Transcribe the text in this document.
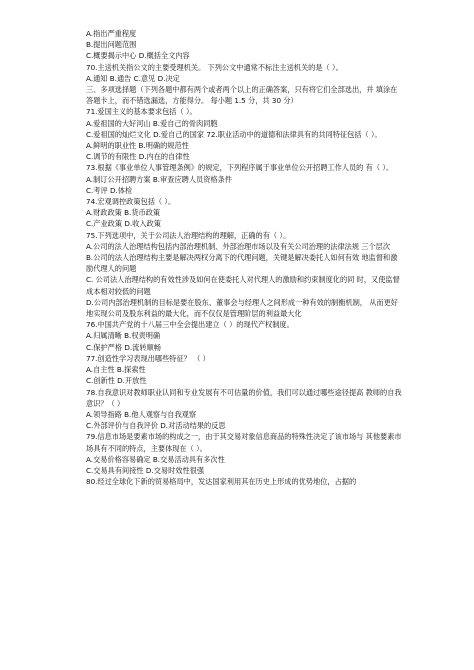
A.指出严重程度
B.提出问题范围
C.概要揭示中心 D.概括全文内容
70.主送机关指公文的主要受理机关。 下列公文中通常不标注主送机关的是（ ）。
A.通知 B.通告 C.意见 D.决定
三、多项选择题（下列各题中都有两个或者两个以上的正确答案，只有将它们全部选出，并 填涂在答题卡上，而不错选漏选，方能得分。 每小题 1.5 分，共 30 分）
71.爱国主义的基本要求包括（ ）。
A.爱祖国的大好河山 B.爱自己的骨肉同胞
C.爱祖国的灿烂文化 D.爱自己的国家 72.职业活动中的道德和法律具有的共同特征包括（ ）。
A.鲜明的职业性 B.明确的规范性
C.调节的有限性 D.内在的自律性
73.根据《事业单位人事管理条例》的规定，下列程序属于事业单位公开招聘工作人员的 有（ ）。
A.制订公开招聘方案 B.审查应聘人员资格条件
C.考评 D.体检
74.宏观调控政策包括（ ）。
A.财政政策 B.货币政策
C.产业政策 D.收入政策
75.下列选项中，关于公司法人治理结构的理解，正确的有（ ）。
A.公司的法人治理结构包括内部治理机制、外部治理市场以及有关公司治理的法律法规 三个层次
B.公司的法人治理结构主要是解决两权分离下的代理问题，关键是解决委托人如何有效 地监督和激励代理人的问题
C. 公司法人治理结构的有效性涉及如何在使委托人对代理人的激励和约束制度化的同 时，又使监督成本相对较低的问题
D.公司内部治理机制的目标是要在股东、董事会与经理人之间形成一种有效的制衡机制， 从而更好地实现公司及股东利益的最大化，而不仅仅是管理阶层的利益最大化
76.中国共产党的十八届三中全会提出建立（ ）的现代产权制度。
A.归属清晰 B.权责明确
C.保护严格 D.流转顺畅
77.创造性学习表现出哪些特征？ （ ）
A.自主性 B.探索性
C.创新性 D.开放性
78.自我意识对教师职业认同和专业发展有不可估量的价值，我们可以通过哪些途径提高 教师的自我意识？（ ）
A.领导指路 B.他人观察与自我观察
C.外部评价与自我评价 D.对活动结果的反思
79.信息市场是要素市场的构成之一，由于其交易对象信息商品的特殊性决定了该市场与 其他要素市场具有不同的特点，主要体现在（ ）。
A.交易价格容易确定 B.交易活动具有多次性
C.交易具有间接性 D.交易时效性很强
80.经过全球化下新的贸易格局中，发达国家利用其在历史上形成的优势地位，占据的
